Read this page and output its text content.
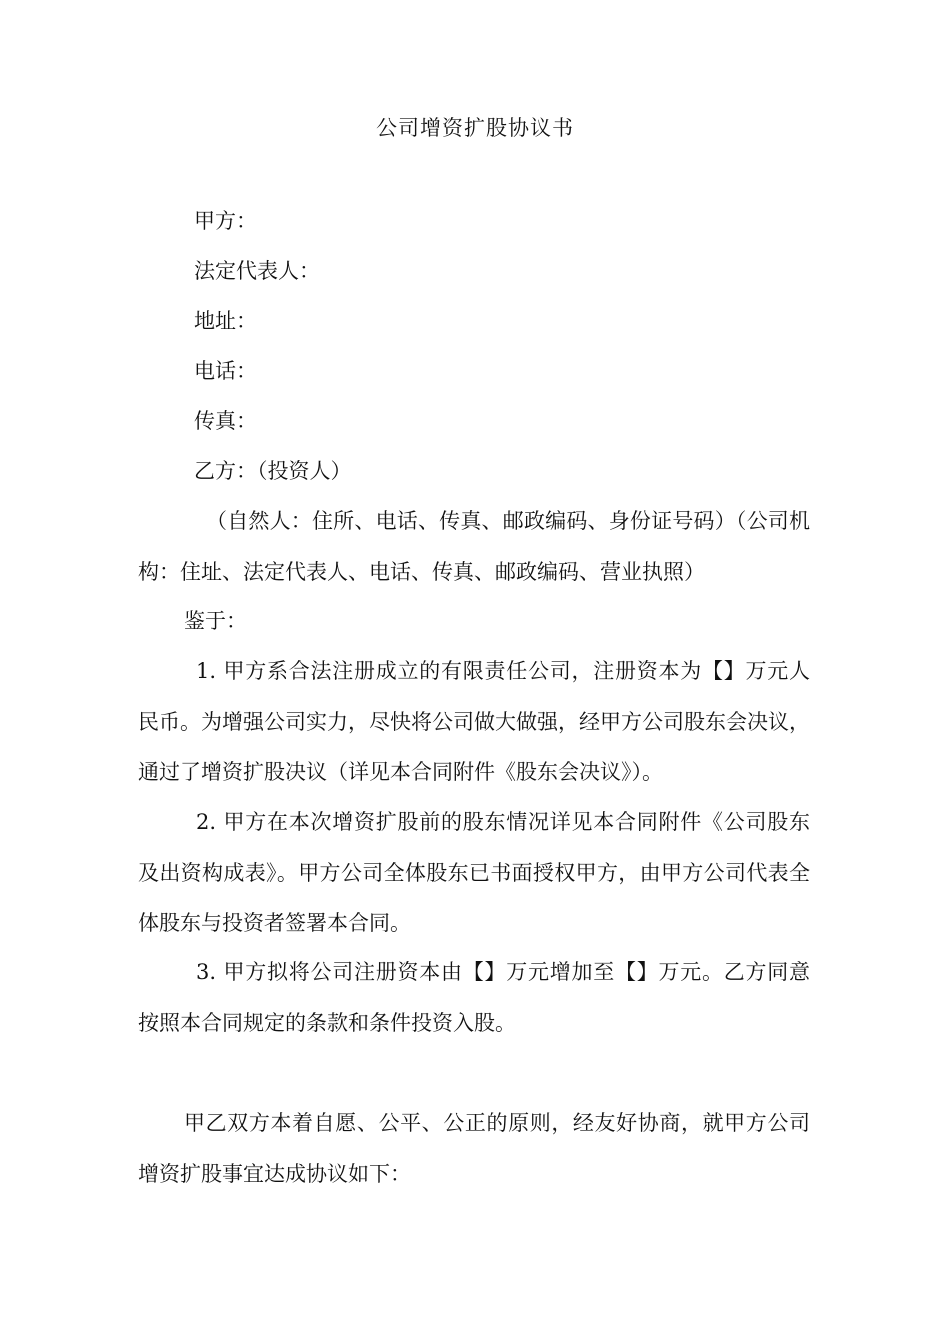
公司增资扩股协议书
甲方：
法定代表人：
地址：
电话：
传真：
乙方：（投资人）
（自然人：住所、电话、传真、邮政编码、身份证号码）（公司机构：住址、法定代表人、电话、传真、邮政编码、营业执照）
鉴于：
1. 甲方系合法注册成立的有限责任公司，注册资本为【】万元人民币。为增强公司实力，尽快将公司做大做强，经甲方公司股东会决议，通过了增资扩股决议（详见本合同附件《股东会决议》）。
2. 甲方在本次增资扩股前的股东情况详见本合同附件《公司股东及出资构成表》。甲方公司全体股东已书面授权甲方，由甲方公司代表全体股东与投资者签署本合同。
3. 甲方拟将公司注册资本由【】万元增加至【】万元。乙方同意按照本合同规定的条款和条件投资入股。
甲乙双方本着自愿、公平、公正的原则，经友好协商，就甲方公司增资扩股事宜达成协议如下：
